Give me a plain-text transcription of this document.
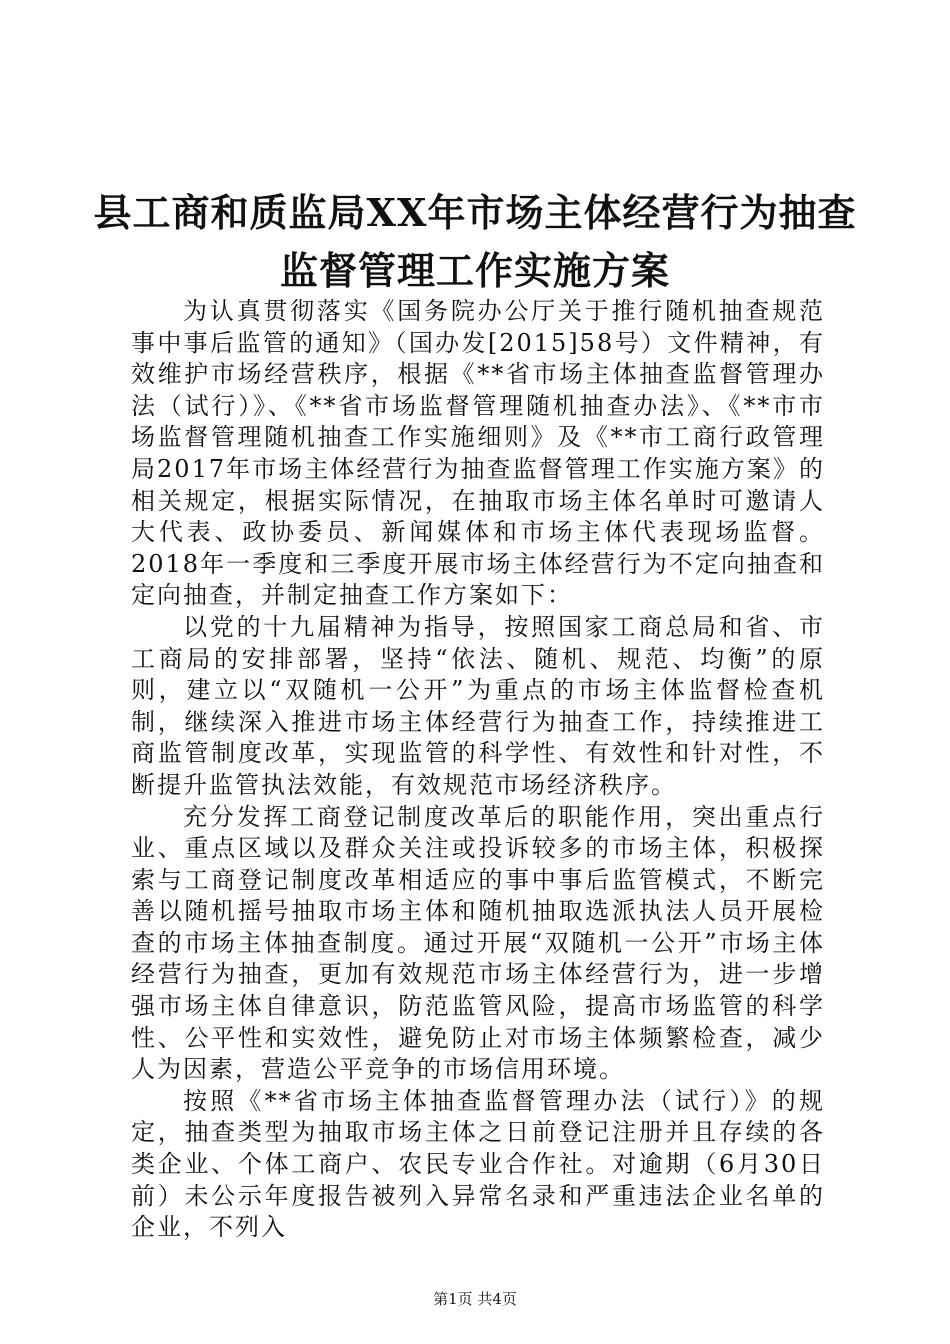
县工商和质监局XX年市场主体经营行为抽查
监督管理工作实施方案

为认真贯彻落实《国务院办公厅关于推行随机抽查规范事中事后监管的通知》（国办发[2015]58号）文件精神，有效维护市场经营秩序，根据《**省市场主体抽查监督管理办法（试行）》、《**省市场监督管理随机抽查办法》、《**市市场监督管理随机抽查工作实施细则》及《**市工商行政管理局2017年市场主体经营行为抽查监督管理工作实施方案》的相关规定，根据实际情况，在抽取市场主体名单时可邀请人大代表、政协委员、新闻媒体和市场主体代表现场监督。2018年一季度和三季度开展市场主体经营行为不定向抽查和定向抽查，并制定抽查工作方案如下：

以党的十九届精神为指导，按照国家工商总局和省、市工商局的安排部署，坚持“依法、随机、规范、均衡”的原则，建立以“双随机一公开”为重点的市场主体监督检查机制，继续深入推进市场主体经营行为抽查工作，持续推进工商监管制度改革，实现监管的科学性、有效性和针对性，不断提升监管执法效能，有效规范市场经济秩序。

充分发挥工商登记制度改革后的职能作用，突出重点行业、重点区域以及群众关注或投诉较多的市场主体，积极探索与工商登记制度改革相适应的事中事后监管模式，不断完善以随机摇号抽取市场主体和随机抽取选派执法人员开展检查的市场主体抽查制度。通过开展“双随机一公开”市场主体经营行为抽查，更加有效规范市场主体经营行为，进一步增强市场主体自律意识，防范监管风险，提高市场监管的科学性、公平性和实效性，避免防止对市场主体频繁检查，减少人为因素，营造公平竞争的市场信用环境。

按照《**省市场主体抽查监督管理办法（试行）》的规定，抽查类型为抽取市场主体之日前登记注册并且存续的各类企业、个体工商户、农民专业合作社。对逾期（6月30日前）未公示年度报告被列入异常名录和严重违法企业名单的企业，不列入

第1页 共4页
